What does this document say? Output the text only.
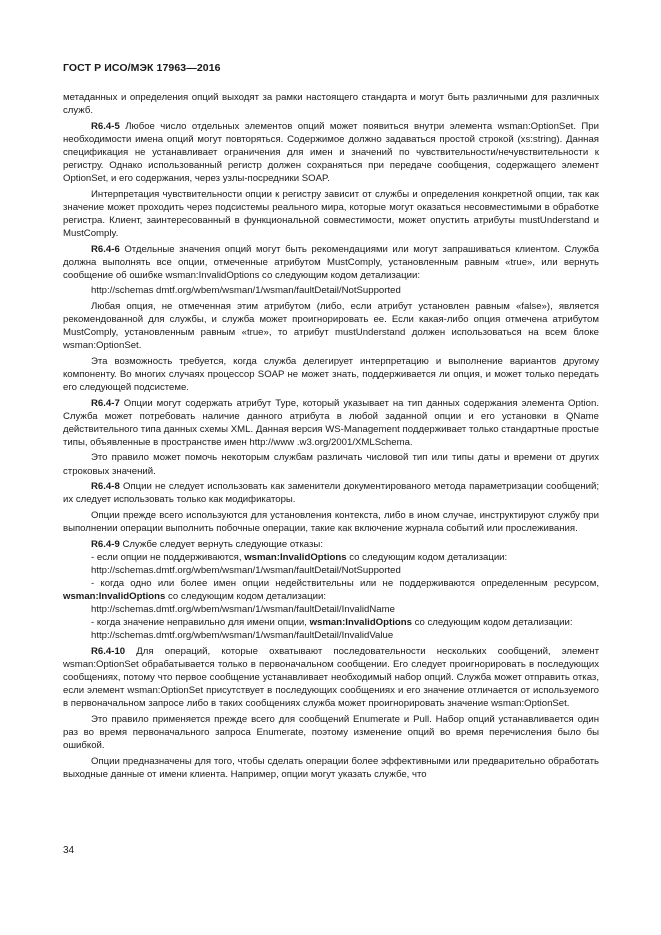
ГОСТ Р ИСО/МЭК 17963—2016

метаданных и определения опций выходят за рамки настоящего стандарта и могут быть различными для различных служб.

R6.4-5 Любое число отдельных элементов опций может появиться внутри элемента wsman:OptionSet. При необходимости имена опций могут повторяться. Содержимое должно задаваться простой строкой (xs:string). Данная спецификация не устанавливает ограничения для имен и значений по чувствительности/нечувствительности к регистру. Однако использованный регистр должен сохраняться при передаче сообщения, содержащего элемент OptionSet, и его содержания, через узлы-посредники SOAP.

Интерпретация чувствительности опции к регистру зависит от службы и определения конкретной опции, так как значение может проходить через подсистемы реального мира, которые могут оказаться несовместимыми в обработке регистра. Клиент, заинтересованный в функциональной совместимости, может опустить атрибуты mustUnderstand и MustComply.

R6.4-6 Отдельные значения опций могут быть рекомендациями или могут запрашиваться клиентом. Служба должна выполнять все опции, отмеченные атрибутом MustComply, установленным равным «true», или вернуть сообщение об ошибке wsman:InvalidOptions со следующим кодом детализации:

http://schemas dmtf.org/wbem/wsman/1/wsman/faultDetail/NotSupported

Любая опция, не отмеченная этим атрибутом (либо, если атрибут установлен равным «false»), является рекомендованной для службы, и служба может проигнорировать ее. Если какая-либо опция отмечена атрибутом MustComply, установленным равным «true», то атрибут mustUnderstand должен использоваться на всем блоке wsman:OptionSet.

Эта возможность требуется, когда служба делегирует интерпретацию и выполнение вариантов другому компоненту. Во многих случаях процессор SOAP не может знать, поддерживается ли опция, и может только передать его следующей подсистеме.

R6.4-7 Опции могут содержать атрибут Type, который указывает на тип данных содержания элемента Option. Служба может потребовать наличие данного атрибута в любой заданной опции и его установки в QName действительного типа данных схемы XML. Данная версия WS-Management поддерживает только стандартные простые типы, объявленные в пространстве имен http://www .w3.org/2001/XMLSchema.

Это правило может помочь некоторым службам различать числовой тип или типы даты и времени от других строковых значений.

R6.4-8 Опции не следует использовать как заменители документированого метода параметризации сообщений; их следует использовать только как модификаторы.

Опции прежде всего используются для установления контекста, либо в ином случае, инструктируют службу при выполнении операции выполнить побочные операции, такие как включение журнала событий или прослеживания.

R6.4-9 Службе следует вернуть следующие отказы:

- если опции не поддерживаются, wsman:InvalidOptions со следующим кодом детализации:

http://schemas.dmtf.org/wbem/wsman/1/wsman/faultDetail/NotSupported

- когда одно или более имен опции недействительны или не поддерживаются определенным ресурсом, wsman:InvalidOptions со следующим кодом детализации:

http://schemas.dmtf.org/wbem/wsman/1/wsman/faultDetail/InvalidName

- когда значение неправильно для имени опции, wsman:InvalidOptions со следующим кодом детализации:

http://schemas.dmtf.org/wbem/wsman/1/wsman/faultDetail/InvalidValue

R6.4-10 Для операций, которые охватывают последовательности нескольких сообщений, элемент wsman:OptionSet обрабатывается только в первоначальном сообщении. Его следует проигнорировать в последующих сообщениях, потому что первое сообщение устанавливает необходимый набор опций. Служба может отправить отказ, если элемент wsman:OptionSet присутствует в последующих сообщениях и его значение отличается от используемого в первоначальном запросе либо в таких сообщениях служба может проигнорировать значение wsman:OptionSet.

Это правило применяется прежде всего для сообщений Enumerate и Pull. Набор опций устанавливается один раз во время первоначального запроса Enumerate, поэтому изменение опций во время перечисления было бы ошибкой.

Опции предназначены для того, чтобы сделать операции более эффективными или предварительно обработать выходные данные от имени клиента. Например, опции могут указать службе, что

34
